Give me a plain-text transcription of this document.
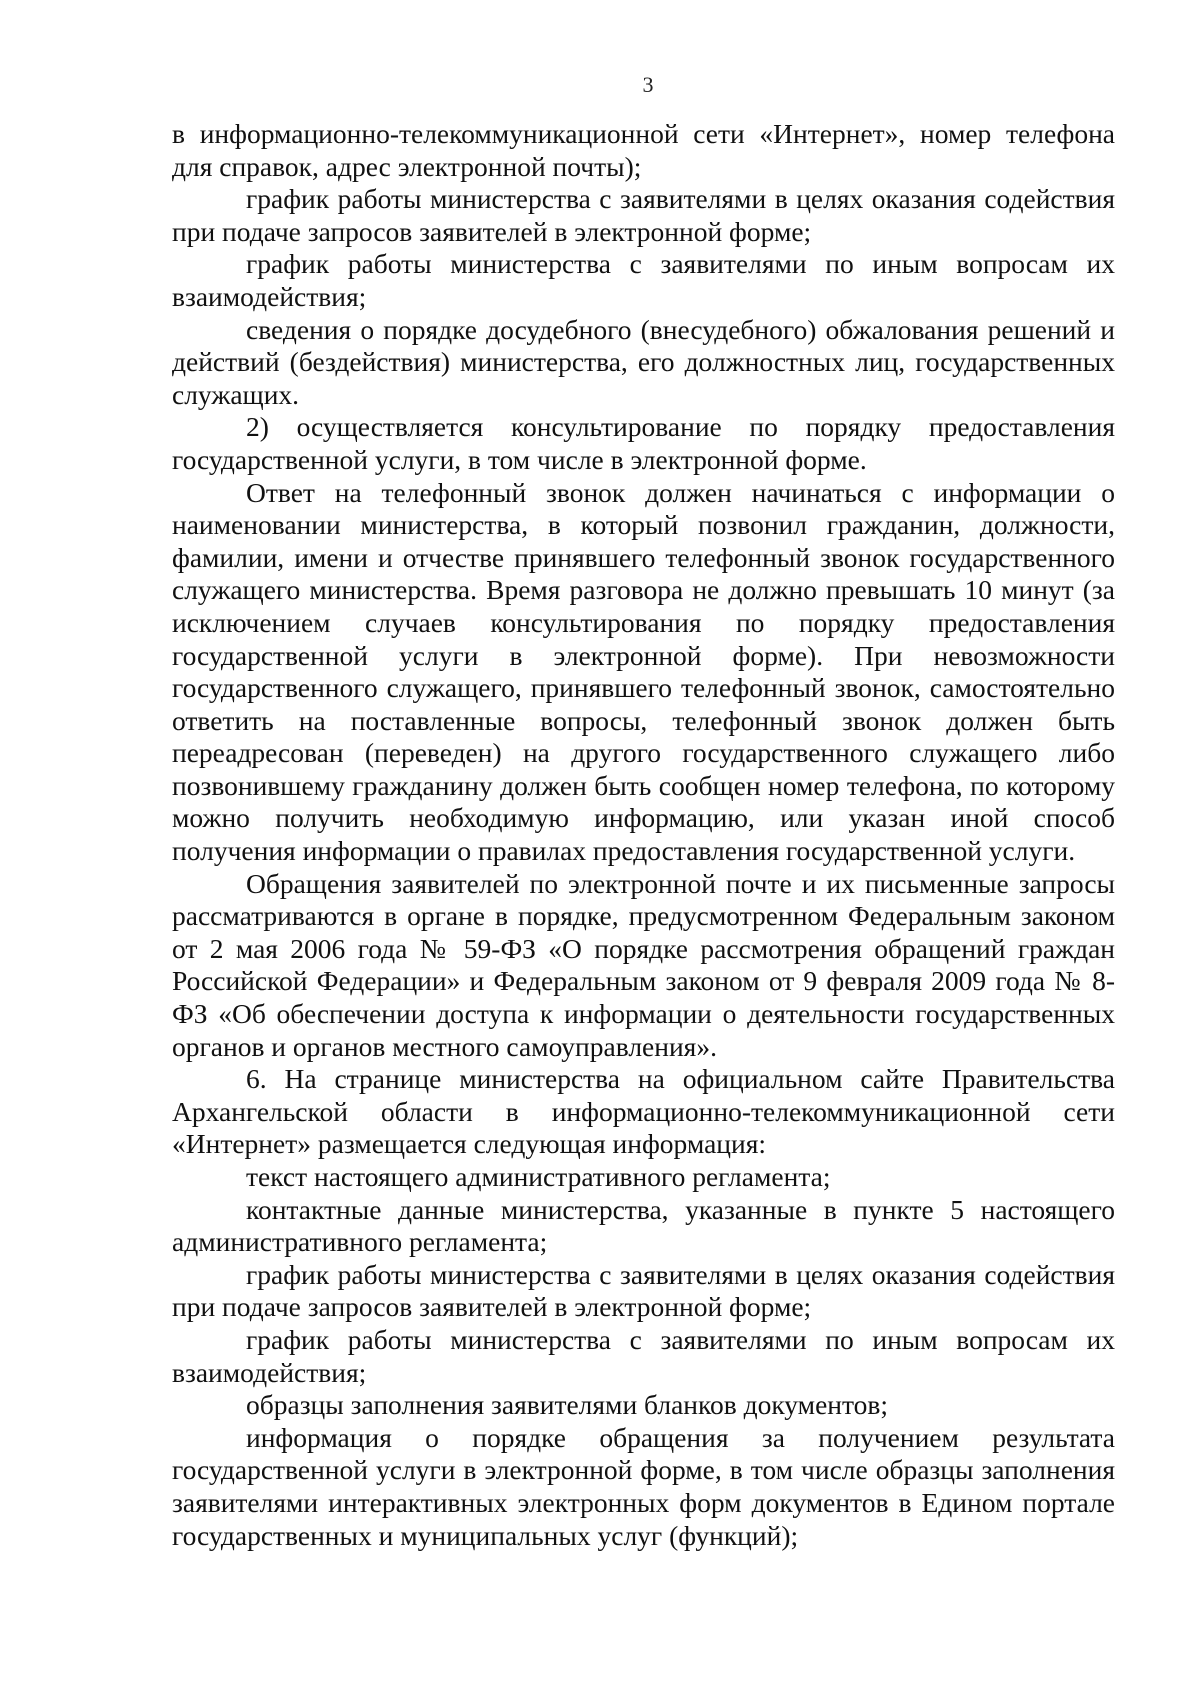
3

в информационно-телекоммуникационной сети «Интернет», номер телефона для справок, адрес электронной почты);

график работы министерства с заявителями в целях оказания содействия при подаче запросов заявителей в электронной форме;

график работы министерства с заявителями по иным вопросам их взаимодействия;

сведения о порядке досудебного (внесудебного) обжалования решений и действий (бездействия) министерства, его должностных лиц, государственных служащих.

2) осуществляется консультирование по порядку предоставления государственной услуги, в том числе в электронной форме.

Ответ на телефонный звонок должен начинаться с информации о наименовании министерства, в который позвонил гражданин, должности, фамилии, имени и отчестве принявшего телефонный звонок государственного служащего министерства. Время разговора не должно превышать 10 минут (за исключением случаев консультирования по порядку предоставления государственной услуги в электронной форме). При невозможности государственного служащего, принявшего телефонный звонок, самостоятельно ответить на поставленные вопросы, телефонный звонок должен быть переадресован (переведен) на другого государственного служащего либо позвонившему гражданину должен быть сообщен номер телефона, по которому можно получить необходимую информацию, или указан иной способ получения информации о правилах предоставления государственной услуги.

Обращения заявителей по электронной почте и их письменные запросы рассматриваются в органе в порядке, предусмотренном Федеральным законом от 2 мая 2006 года № 59-ФЗ «О порядке рассмотрения обращений граждан Российской Федерации» и Федеральным законом от 9 февраля 2009 года № 8-ФЗ «Об обеспечении доступа к информации о деятельности государственных органов и органов местного самоуправления».

6. На странице министерства на официальном сайте Правительства Архангельской области в информационно-телекоммуникационной сети «Интернет» размещается следующая информация:

текст настоящего административного регламента;

контактные данные министерства, указанные в пункте 5 настоящего административного регламента;

график работы министерства с заявителями в целях оказания содействия при подаче запросов заявителей в электронной форме;

график работы министерства с заявителями по иным вопросам их взаимодействия;

образцы заполнения заявителями бланков документов;

информация о порядке обращения за получением результата государственной услуги в электронной форме, в том числе образцы заполнения заявителями интерактивных электронных форм документов в Едином портале государственных и муниципальных услуг (функций);
